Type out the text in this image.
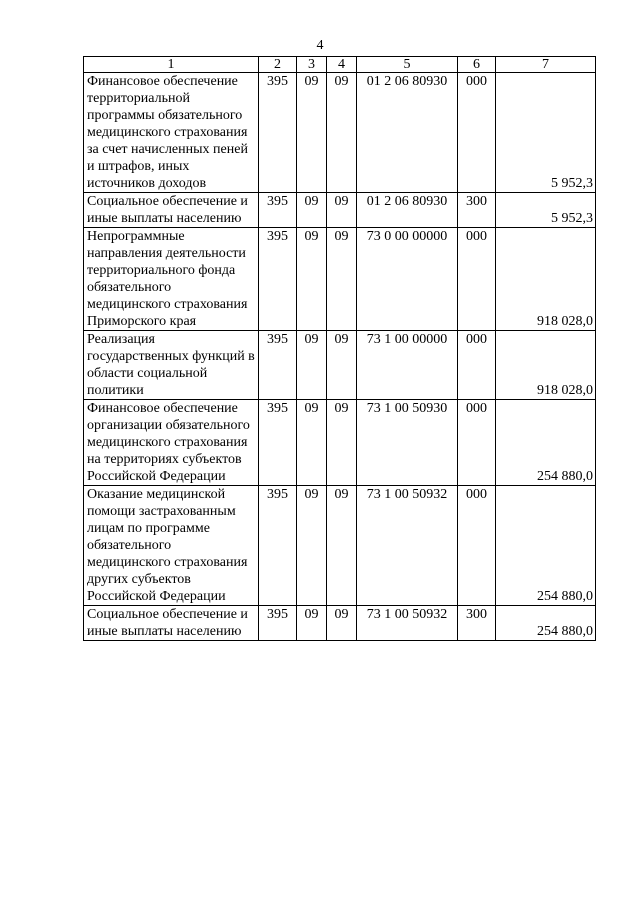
4
1	2	3	4	5	6	7
Финансовое обеспечение территориальной программы обязательного медицинского страхования за счет начисленных пеней и штрафов, иных источников доходов	395	09	09	01 2 06 80930	000	5 952,3
Социальное обеспечение и иные выплаты населению	395	09	09	01 2 06 80930	300	5 952,3
Непрограммные направления деятельности территориального фонда обязательного медицинского страхования Приморского края	395	09	09	73 0 00 00000	000	918 028,0
Реализация государственных функций в области социальной политики	395	09	09	73 1 00 00000	000	918 028,0
Финансовое обеспечение организации обязательного медицинского страхования на территориях субъектов Российской Федерации	395	09	09	73 1 00 50930	000	254 880,0
Оказание медицинской помощи застрахованным лицам по программе обязательного медицинского страхования других субъектов Российской Федерации	395	09	09	73 1 00 50932	000	254 880,0
Социальное обеспечение и иные выплаты населению	395	09	09	73 1 00 50932	300	254 880,0
